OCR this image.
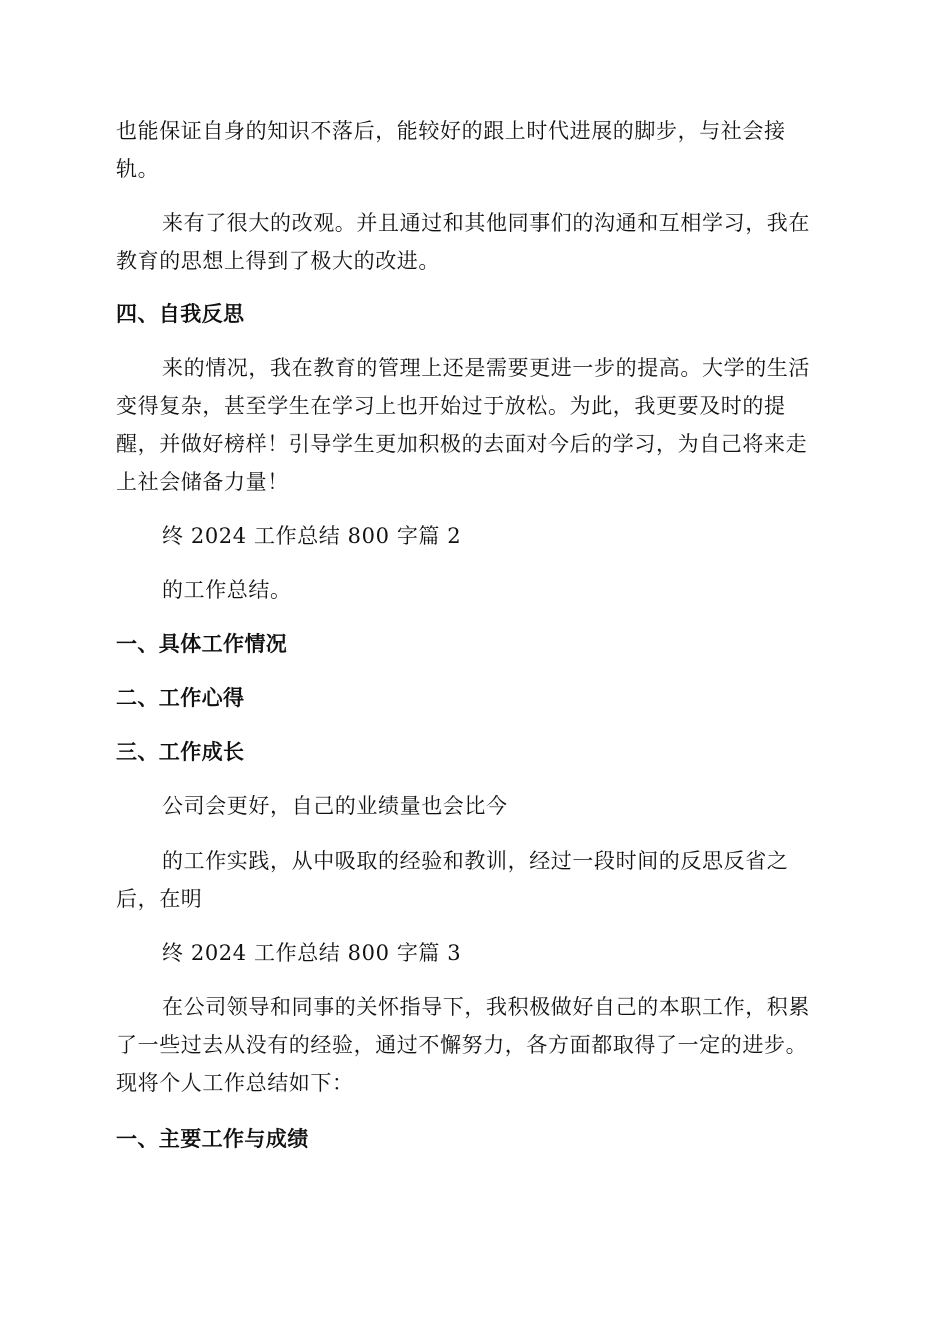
也能保证自身的知识不落后，能较好的跟上时代进展的脚步，与社会接
轨。
来有了很大的改观。并且通过和其他同事们的沟通和互相学习，我在
教育的思想上得到了极大的改进。
四、自我反思
来的情况，我在教育的管理上还是需要更进一步的提高。大学的生活
变得复杂，甚至学生在学习上也开始过于放松。为此，我更要及时的提
醒，并做好榜样！引导学生更加积极的去面对今后的学习，为自己将来走
上社会储备力量！
终 2024 工作总结 800 字篇 2
的工作总结。
一、具体工作情况
二、工作心得
三、工作成长
公司会更好，自己的业绩量也会比今
的工作实践，从中吸取的经验和教训，经过一段时间的反思反省之
后，在明
终 2024 工作总结 800 字篇 3
在公司领导和同事的关怀指导下，我积极做好自己的本职工作，积累
了一些过去从没有的经验，通过不懈努力，各方面都取得了一定的进步。
现将个人工作总结如下：
一、主要工作与成绩
